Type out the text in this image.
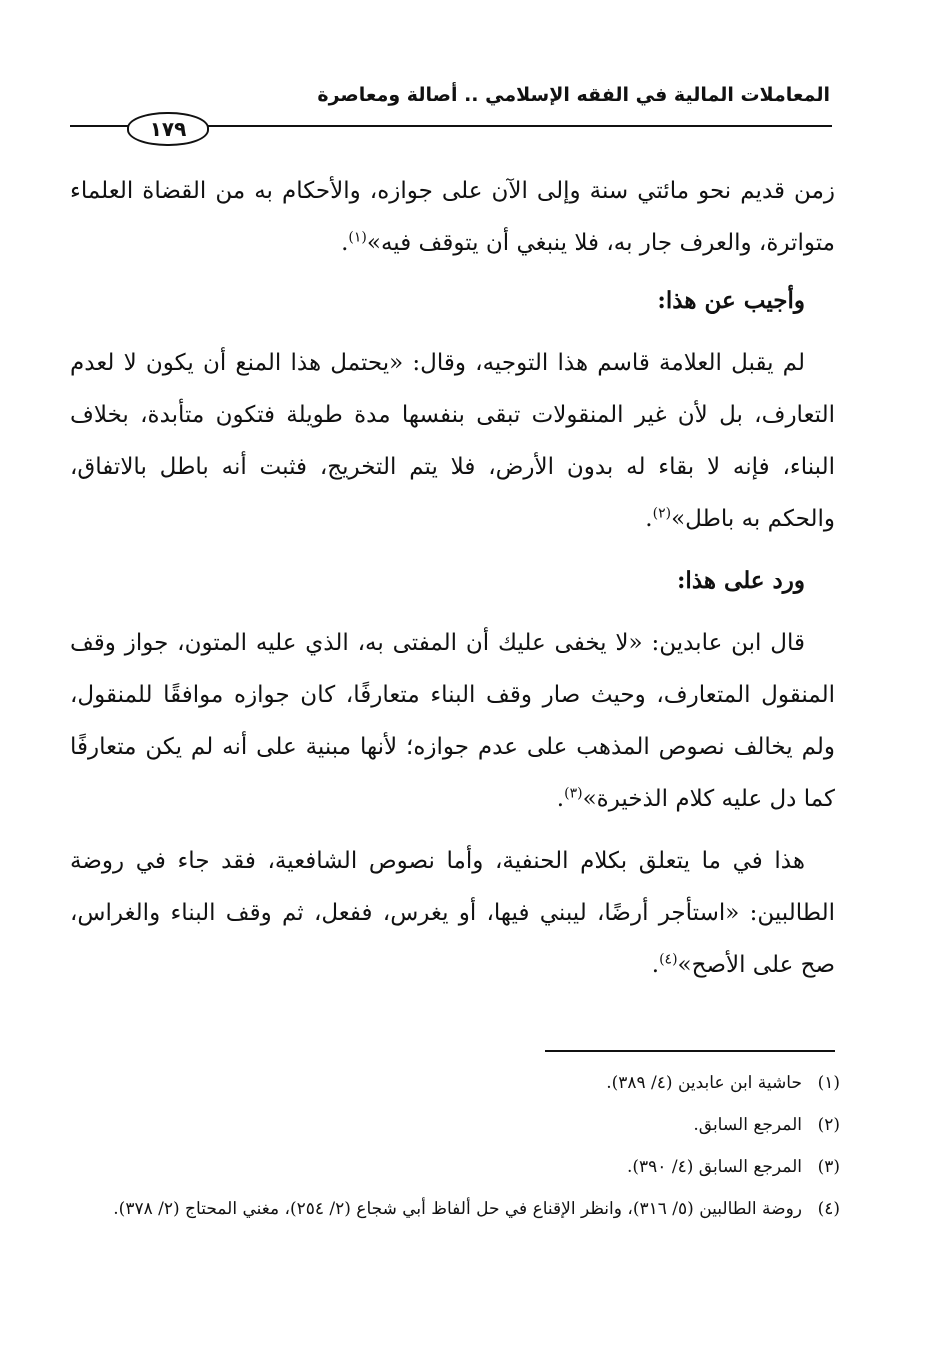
المعاملات المالية في الفقه الإسلامي .. أصالة ومعاصرة
١٧٩

زمن قديم نحو مائتي سنة وإلى الآن على جوازه، والأحكام به من القضاة العلماء متواترة، والعرف جار به، فلا ينبغي أن يتوقف فيه»$^{(١)}$.

وأجيب عن هذا:

لم يقبل العلامة قاسم هذا التوجيه، وقال: «يحتمل هذا المنع أن يكون لا لعدم التعارف، بل لأن غير المنقولات تبقى بنفسها مدة طويلة فتكون متأبدة، بخلاف البناء، فإنه لا بقاء له بدون الأرض، فلا يتم التخريج، فثبت أنه باطل بالاتفاق، والحكم به باطل»$^{(٢)}$.

ورد على هذا:

قال ابن عابدين: «لا يخفى عليك أن المفتى به، الذي عليه المتون، جواز وقف المنقول المتعارف، وحيث صار وقف البناء متعارفًا، كان جوازه موافقًا للمنقول، ولم يخالف نصوص المذهب على عدم جوازه؛ لأنها مبنية على أنه لم يكن متعارفًا كما دل عليه كلام الذخيرة»$^{(٣)}$.

هذا في ما يتعلق بكلام الحنفية، وأما نصوص الشافعية، فقد جاء في روضة الطالبين: «استأجر أرضًا، ليبني فيها، أو يغرس، ففعل، ثم وقف البناء والغراس، صح على الأصح»$^{(٤)}$.

(١)حاشية ابن عابدين (٤/ ٣٨٩).
(٢)المرجع السابق.
(٣)المرجع السابق (٤/ ٣٩٠).
(٤)روضة الطالبين (٥/ ٣١٦)، وانظر الإقناع في حل ألفاظ أبي شجاع (٢/ ٢٥٤)، مغني المحتاج (٢/ ٣٧٨).
